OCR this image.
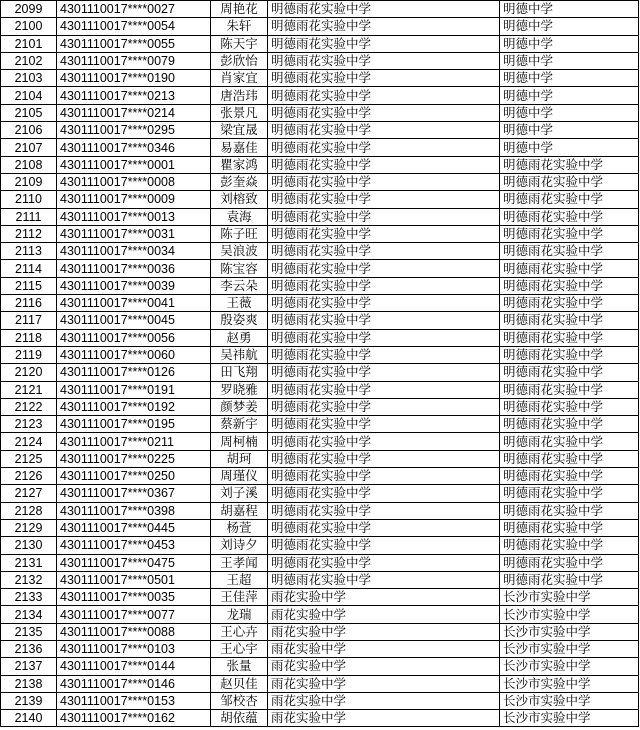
2099	4301110017****0027	周艳花	明德雨花实验中学	明德中学
2100	4301110017****0054	朱轩	明德雨花实验中学	明德中学
2101	4301110017****0055	陈天宇	明德雨花实验中学	明德中学
2102	4301110017****0079	彭欣怡	明德雨花实验中学	明德中学
2103	4301110017****0190	肖家宜	明德雨花实验中学	明德中学
2104	4301110017****0213	唐浩玮	明德雨花实验中学	明德中学
2105	4301110017****0214	张景凡	明德雨花实验中学	明德中学
2106	4301110017****0295	梁宜晟	明德雨花实验中学	明德中学
2107	4301110017****0346	易嘉佳	明德雨花实验中学	明德中学
2108	4301110017****0001	瞿家鸿	明德雨花实验中学	明德雨花实验中学
2109	4301110017****0008	彭奎焱	明德雨花实验中学	明德雨花实验中学
2110	4301110017****0009	刘榕致	明德雨花实验中学	明德雨花实验中学
2111	4301110017****0013	袁海	明德雨花实验中学	明德雨花实验中学
2112	4301110017****0031	陈子旺	明德雨花实验中学	明德雨花实验中学
2113	4301110017****0034	吴浪波	明德雨花实验中学	明德雨花实验中学
2114	4301110017****0036	陈宝容	明德雨花实验中学	明德雨花实验中学
2115	4301110017****0039	李云朵	明德雨花实验中学	明德雨花实验中学
2116	4301110017****0041	王薇	明德雨花实验中学	明德雨花实验中学
2117	4301110017****0045	殷姿爽	明德雨花实验中学	明德雨花实验中学
2118	4301110017****0056	赵勇	明德雨花实验中学	明德雨花实验中学
2119	4301110017****0060	吴祎航	明德雨花实验中学	明德雨花实验中学
2120	4301110017****0126	田飞翔	明德雨花实验中学	明德雨花实验中学
2121	4301110017****0191	罗晓雅	明德雨花实验中学	明德雨花实验中学
2122	4301110017****0192	颜梦姜	明德雨花实验中学	明德雨花实验中学
2123	4301110017****0195	蔡新宇	明德雨花实验中学	明德雨花实验中学
2124	4301110017****0211	周柯楠	明德雨花实验中学	明德雨花实验中学
2125	4301110017****0225	胡珂	明德雨花实验中学	明德雨花实验中学
2126	4301110017****0250	周瑾仪	明德雨花实验中学	明德雨花实验中学
2127	4301110017****0367	刘子溪	明德雨花实验中学	明德雨花实验中学
2128	4301110017****0398	胡嘉程	明德雨花实验中学	明德雨花实验中学
2129	4301110017****0445	杨萱	明德雨花实验中学	明德雨花实验中学
2130	4301110017****0453	刘诗夕	明德雨花实验中学	明德雨花实验中学
2131	4301110017****0475	王孝闻	明德雨花实验中学	明德雨花实验中学
2132	4301110017****0501	王超	明德雨花实验中学	明德雨花实验中学
2133	4301110017****0035	王佳萍	雨花实验中学	长沙市实验中学
2134	4301110017****0077	龙瑞	雨花实验中学	长沙市实验中学
2135	4301110017****0088	王心卉	雨花实验中学	长沙市实验中学
2136	4301110017****0103	王心宇	雨花实验中学	长沙市实验中学
2137	4301110017****0144	张量	雨花实验中学	长沙市实验中学
2138	4301110017****0146	赵贝佳	雨花实验中学	长沙市实验中学
2139	4301110017****0153	邹校杏	雨花实验中学	长沙市实验中学
2140	4301110017****0162	胡依蕴	雨花实验中学	长沙市实验中学
